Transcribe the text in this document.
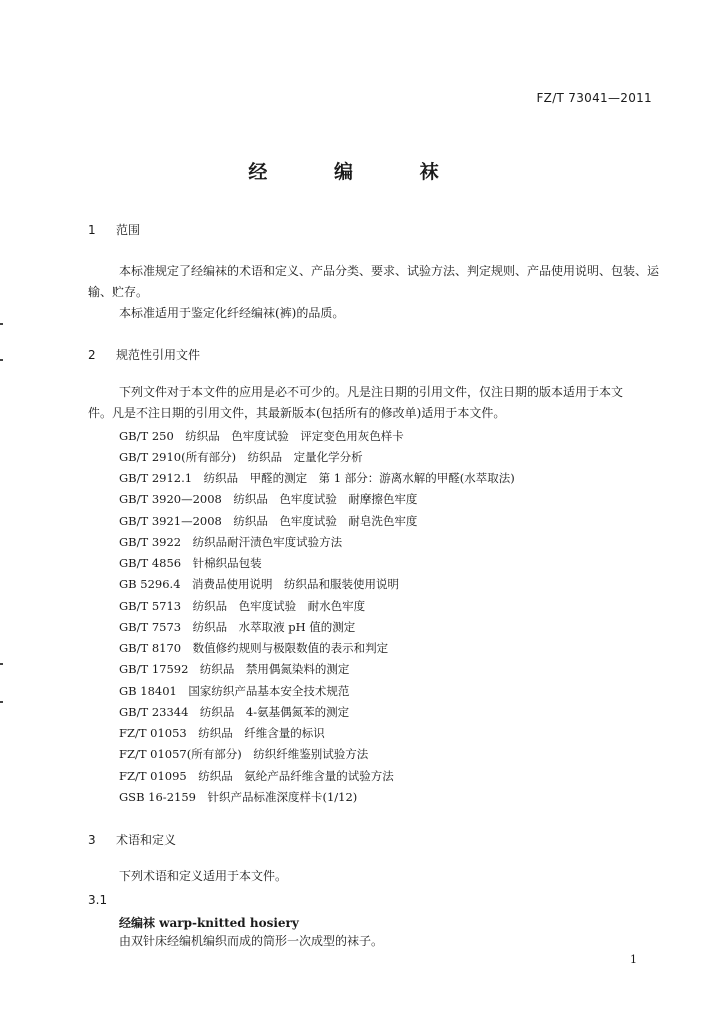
FZ/T 73041—2011
经 编 袜
1 范围
本标准规定了经编袜的术语和定义、产品分类、要求、试验方法、判定规则、产品使用说明、包装、运
输、贮存。
本标准适用于鉴定化纤经编袜(裤)的品质。
2 规范性引用文件
下列文件对于本文件的应用是必不可少的。凡是注日期的引用文件，仅注日期的版本适用于本文
件。凡是不注日期的引用文件，其最新版本(包括所有的修改单)适用于本文件。
GB/T 250　纺织品　色牢度试验　评定变色用灰色样卡
GB/T 2910(所有部分)　纺织品　定量化学分析
GB/T 2912.1　纺织品　甲醛的测定　第 1 部分：游离水解的甲醛(水萃取法)
GB/T 3920—2008　纺织品　色牢度试验　耐摩擦色牢度
GB/T 3921—2008　纺织品　色牢度试验　耐皂洗色牢度
GB/T 3922　纺织品耐汗渍色牢度试验方法
GB/T 4856　针棉织品包装
GB 5296.4　消费品使用说明　纺织品和服装使用说明
GB/T 5713　纺织品　色牢度试验　耐水色牢度
GB/T 7573　纺织品　水萃取液 pH 值的测定
GB/T 8170　数值修约规则与极限数值的表示和判定
GB/T 17592　纺织品　禁用偶氮染料的测定
GB 18401　国家纺织产品基本安全技术规范
GB/T 23344　纺织品　4-氨基偶氮苯的测定
FZ/T 01053　纺织品　纤维含量的标识
FZ/T 01057(所有部分)　纺织纤维鉴别试验方法
FZ/T 01095　纺织品　氨纶产品纤维含量的试验方法
GSB 16-2159　针织产品标准深度样卡(1/12)
3 术语和定义
下列术语和定义适用于本文件。
3.1
经编袜 warp-knitted hosiery
由双针床经编机编织而成的筒形一次成型的袜子。
1
